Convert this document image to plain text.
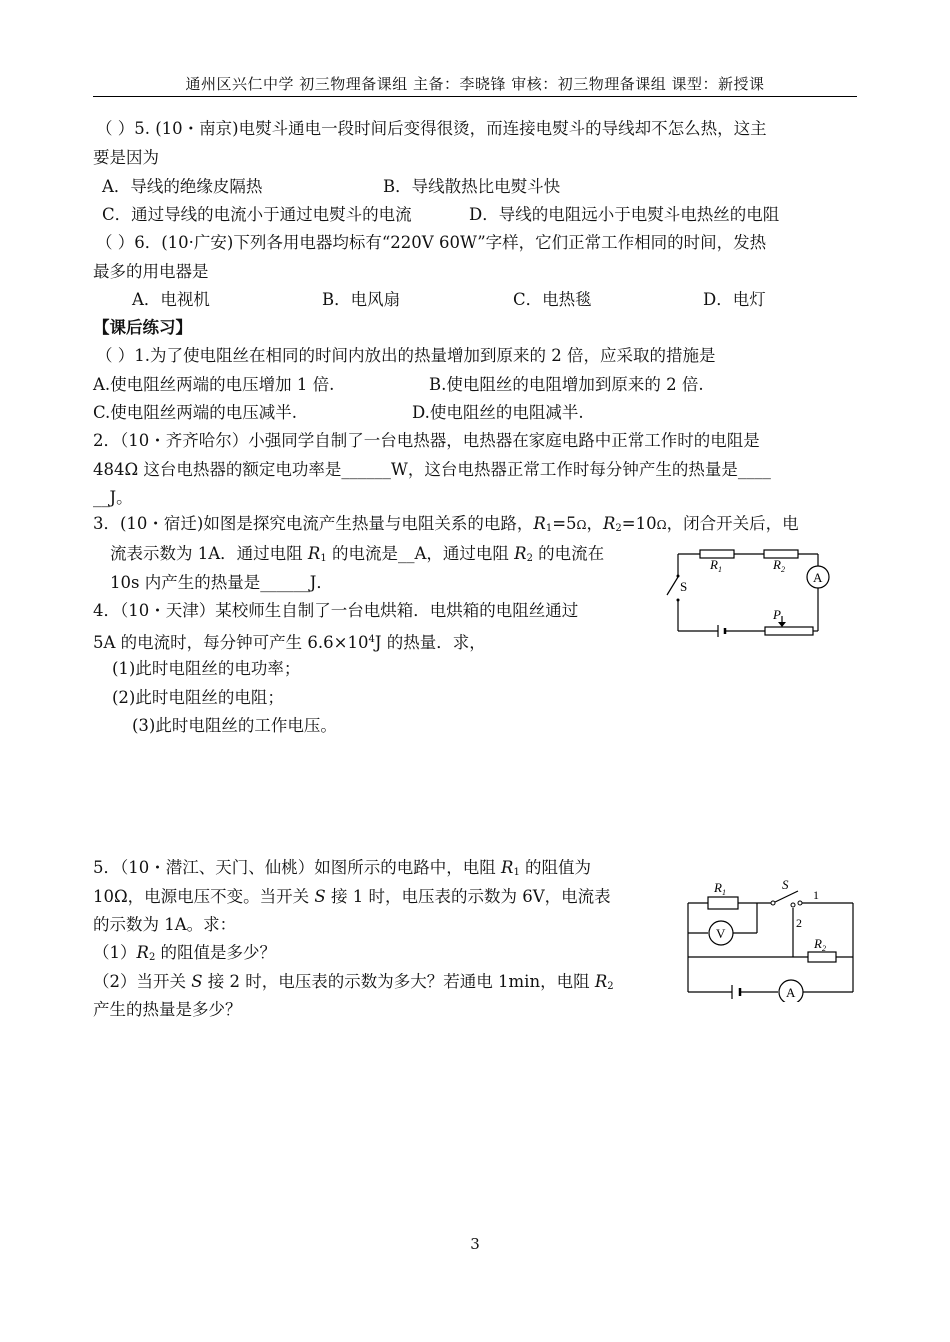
通州区兴仁中学 初三物理备课组 主备：李晓锋 审核：初三物理备课组 课型：新授课
（ ）5. (10・南京)电熨斗通电一段时间后变得很烫，而连接电熨斗的导线却不怎么热，这主
要是因为
A．导线的绝缘皮隔热	B．导线散热比电熨斗快
C．通过导线的电流小于通过电熨斗的电流	D．导线的电阻远小于电熨斗电热丝的电阻
（ ）6．(10·广安)下列各用电器均标有“220V 60W”字样，它们正常工作相同的时间，发热
最多的用电器是
A．电视机	B．电风扇	C．电热毯	D．电灯
【课后练习】
（ ）1.为了使电阻丝在相同的时间内放出的热量增加到原来的 2 倍，应采取的措施是
A.使电阻丝两端的电压增加 1 倍.	B.使电阻丝的电阻增加到原来的 2 倍.
C.使电阻丝两端的电压减半.	D.使电阻丝的电阻减半.
2．（10・齐齐哈尔）小强同学自制了一台电热器，电热器在家庭电路中正常工作时的电阻是
484Ω 这台电热器的额定电功率是______W，这台电热器正常工作时每分钟产生的热量是____
__J。
3．(10・宿迁)如图是探究电流产生热量与电阻关系的电路，$R_1=5\Omega$，$R_2=10\Omega$，闭合开关后，电
流表示数为 1A．通过电阻 $R_1$ 的电流是__A，通过电阻 $R_2$ 的电流在
10s 内产生的热量是______J．
4．（10・天津）某校师生自制了一台电烘箱．电烘箱的电阻丝通过
5A 的电流时，每分钟可产生 $6.6\times 10^4J$ 的热量．求，
(1)此时电阻丝的电功率；
(2)此时电阻丝的电阻；
(3)此时电阻丝的工作电压。
$R_1$	$R_2$
A
S
P
5．（10・潜江、天门、仙桃）如图所示的电路中，电阻 $R_1$ 的阻值为
10Ω，电源电压不变。当开关 S 接 1 时，电压表的示数为 6V，电流表
的示数为 1A。求：
$(1)R_2$ 的阻值是多少？
（2）当开关 S 接 2 时，电压表的示数为多大？若通电 1min，电阻 $R_2$
产生的热量是多少？
$R_1$
$R_2$
S
1
2
V
A
3
